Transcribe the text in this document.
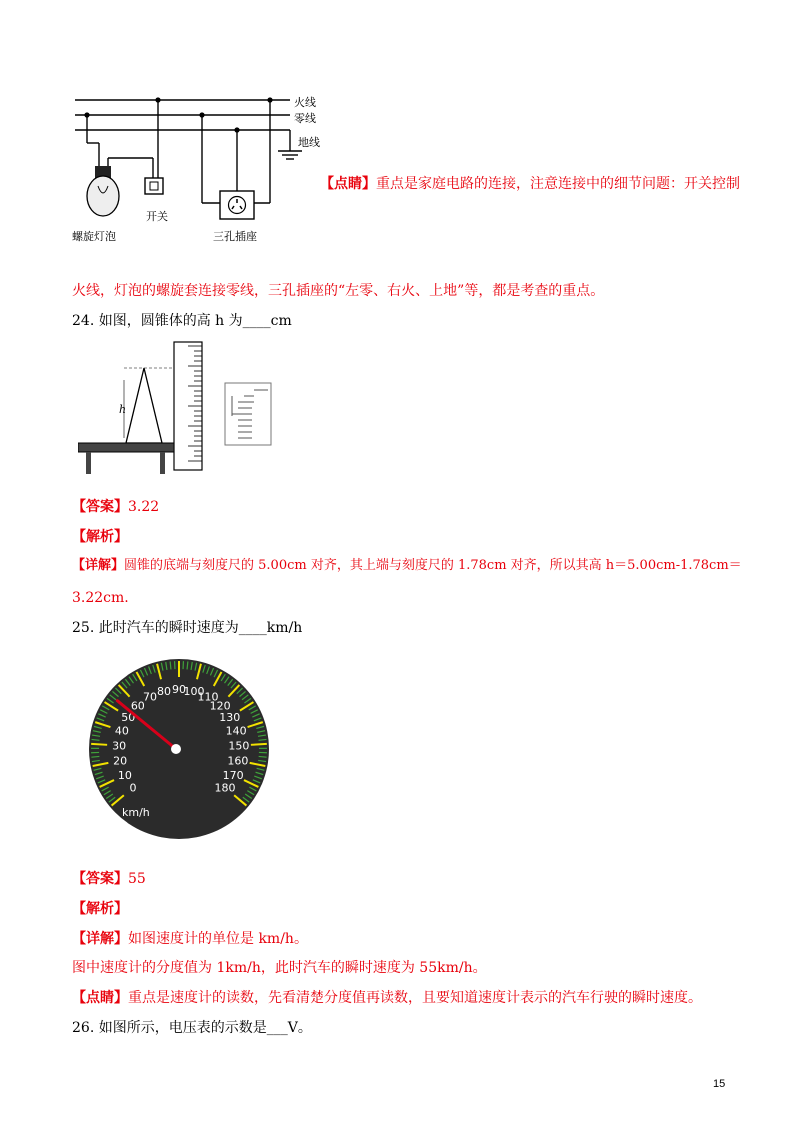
火线
零线
地线
螺旋灯泡
开关
三孔插座
【点睛】重点是家庭电路的连接，注意连接中的细节问题：开关控制
火线，灯泡的螺旋套连接零线，三孔插座的“左零、右火、上地”等，都是考查的重点。
24. 如图，圆锥体的高 h 为____cm
h
【答案】3.22
【解析】
【详解】圆锥的底端与刻度尺的 5.00cm 对齐，其上端与刻度尺的 1.78cm 对齐，所以其高 h＝5.00cm-1.78cm＝
3.22cm.
25. 此时汽车的瞬时速度为____km/h
0
10
20
30
40
50
60
70 80 90
100
110
120
130
140
150
160
170
180
km/h
【答案】55
【解析】
【详解】如图速度计的单位是 km/h。
图中速度计的分度值为 1km/h，此时汽车的瞬时速度为 55km/h。
【点睛】重点是速度计的读数，先看清楚分度值再读数，且要知道速度计表示的汽车行驶的瞬时速度。
26. 如图所示，电压表的示数是___V。
15
